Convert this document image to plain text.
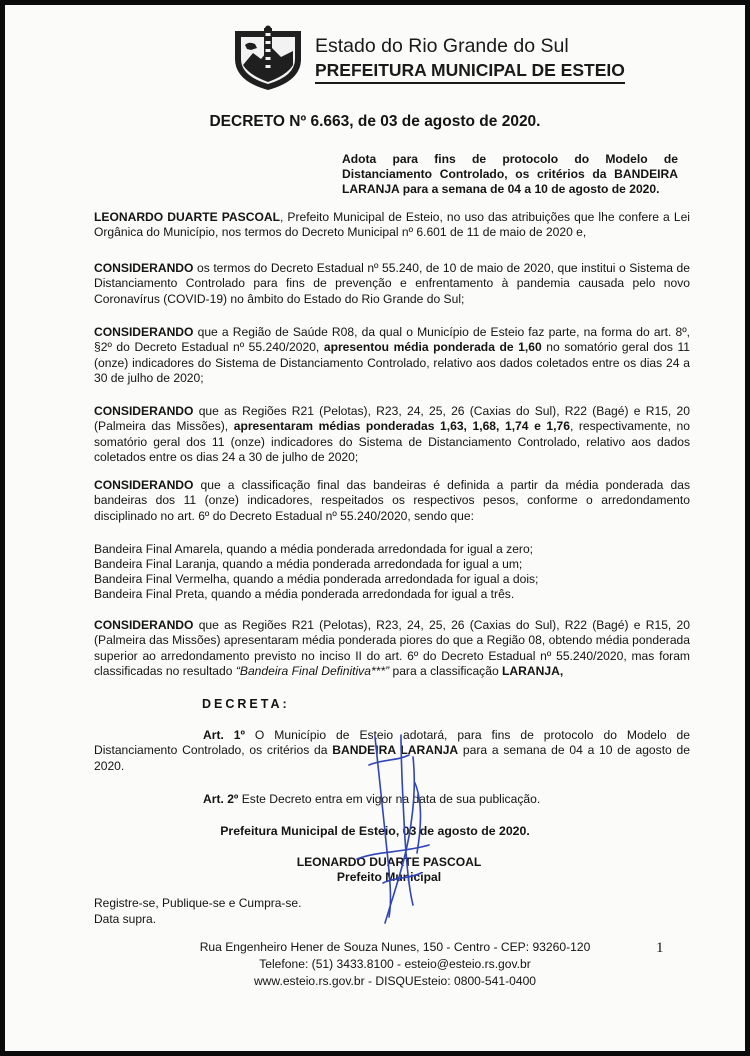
Estado do Rio Grande do Sul
PREFEITURA MUNICIPAL DE ESTEIO
DECRETO Nº 6.663, de 03 de agosto de 2020.
Adota para fins de protocolo do Modelo de Distanciamento Controlado, os critérios da BANDEIRA LARANJA para a semana de 04 a 10 de agosto de 2020.
LEONARDO DUARTE PASCOAL, Prefeito Municipal de Esteio, no uso das atribuições que lhe confere a Lei Orgânica do Município, nos termos do Decreto Municipal nº 6.601 de 11 de maio de 2020 e,
CONSIDERANDO os termos do Decreto Estadual nº 55.240, de 10 de maio de 2020, que institui o Sistema de Distanciamento Controlado para fins de prevenção e enfrentamento à pandemia causada pelo novo Coronavírus (COVID-19) no âmbito do Estado do Rio Grande do Sul;
CONSIDERANDO que a Região de Saúde R08, da qual o Município de Esteio faz parte, na forma do art. 8º, §2º do Decreto Estadual nº 55.240/2020, apresentou média ponderada de 1,60 no somatório geral dos 11 (onze) indicadores do Sistema de Distanciamento Controlado, relativo aos dados coletados entre os dias 24 a 30 de julho de 2020;
CONSIDERANDO que as Regiões R21 (Pelotas), R23, 24, 25, 26 (Caxias do Sul), R22 (Bagé) e R15, 20 (Palmeira das Missões), apresentaram médias ponderadas 1,63, 1,68, 1,74 e 1,76, respectivamente, no somatório geral dos 11 (onze) indicadores do Sistema de Distanciamento Controlado, relativo aos dados coletados entre os dias 24 a 30 de julho de 2020;
CONSIDERANDO que a classificação final das bandeiras é definida a partir da média ponderada das bandeiras dos 11 (onze) indicadores, respeitados os respectivos pesos, conforme o arredondamento disciplinado no art. 6º do Decreto Estadual nº 55.240/2020, sendo que:
Bandeira Final Amarela, quando a média ponderada arredondada for igual a zero;
Bandeira Final Laranja, quando a média ponderada arredondada for igual a um;
Bandeira Final Vermelha, quando a média ponderada arredondada for igual a dois;
Bandeira Final Preta, quando a média ponderada arredondada for igual a três.
CONSIDERANDO que as Regiões R21 (Pelotas), R23, 24, 25, 26 (Caxias do Sul), R22 (Bagé) e R15, 20 (Palmeira das Missões) apresentaram média ponderada piores do que a Região 08, obtendo média ponderada superior ao arredondamento previsto no inciso II do art. 6º do Decreto Estadual nº 55.240/2020, mas foram classificadas no resultado “Bandeira Final Definitiva***” para a classificação LARANJA,
DECRETA:
Art. 1º O Município de Esteio adotará, para fins de protocolo do Modelo de Distanciamento Controlado, os critérios da BANDEIRA LARANJA para a semana de 04 a 10 de agosto de 2020.
Art. 2º Este Decreto entra em vigor na data de sua publicação.
Prefeitura Municipal de Esteio, 03 de agosto de 2020.
LEONARDO DUARTE PASCOAL
Prefeito Municipal
Registre-se, Publique-se e Cumpra-se.
Data supra.
Rua Engenheiro Hener de Souza Nunes, 150 - Centro - CEP: 93260-120
Telefone: (51) 3433.8100 - esteio@esteio.rs.gov.br
www.esteio.rs.gov.br - DISQUEsteio: 0800-541-0400
1
